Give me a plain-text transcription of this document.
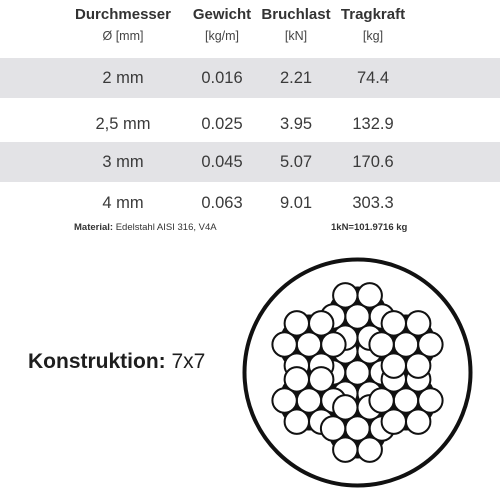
Durchmesser Gewicht Bruchlast Tragkraft
Ø [mm]	[kg/m]	[kN]	[kg]
2 mm	0.016 2.21	74.4
2,5 mm	0.025 3.95 132.9
3 mm	0.045 5.07 170.6
4 mm	0.063 9.01 303.3
Material: Edelstahl AISI 316, V4A	1kN=101.9716 kg
Konstruktion: 7x7
